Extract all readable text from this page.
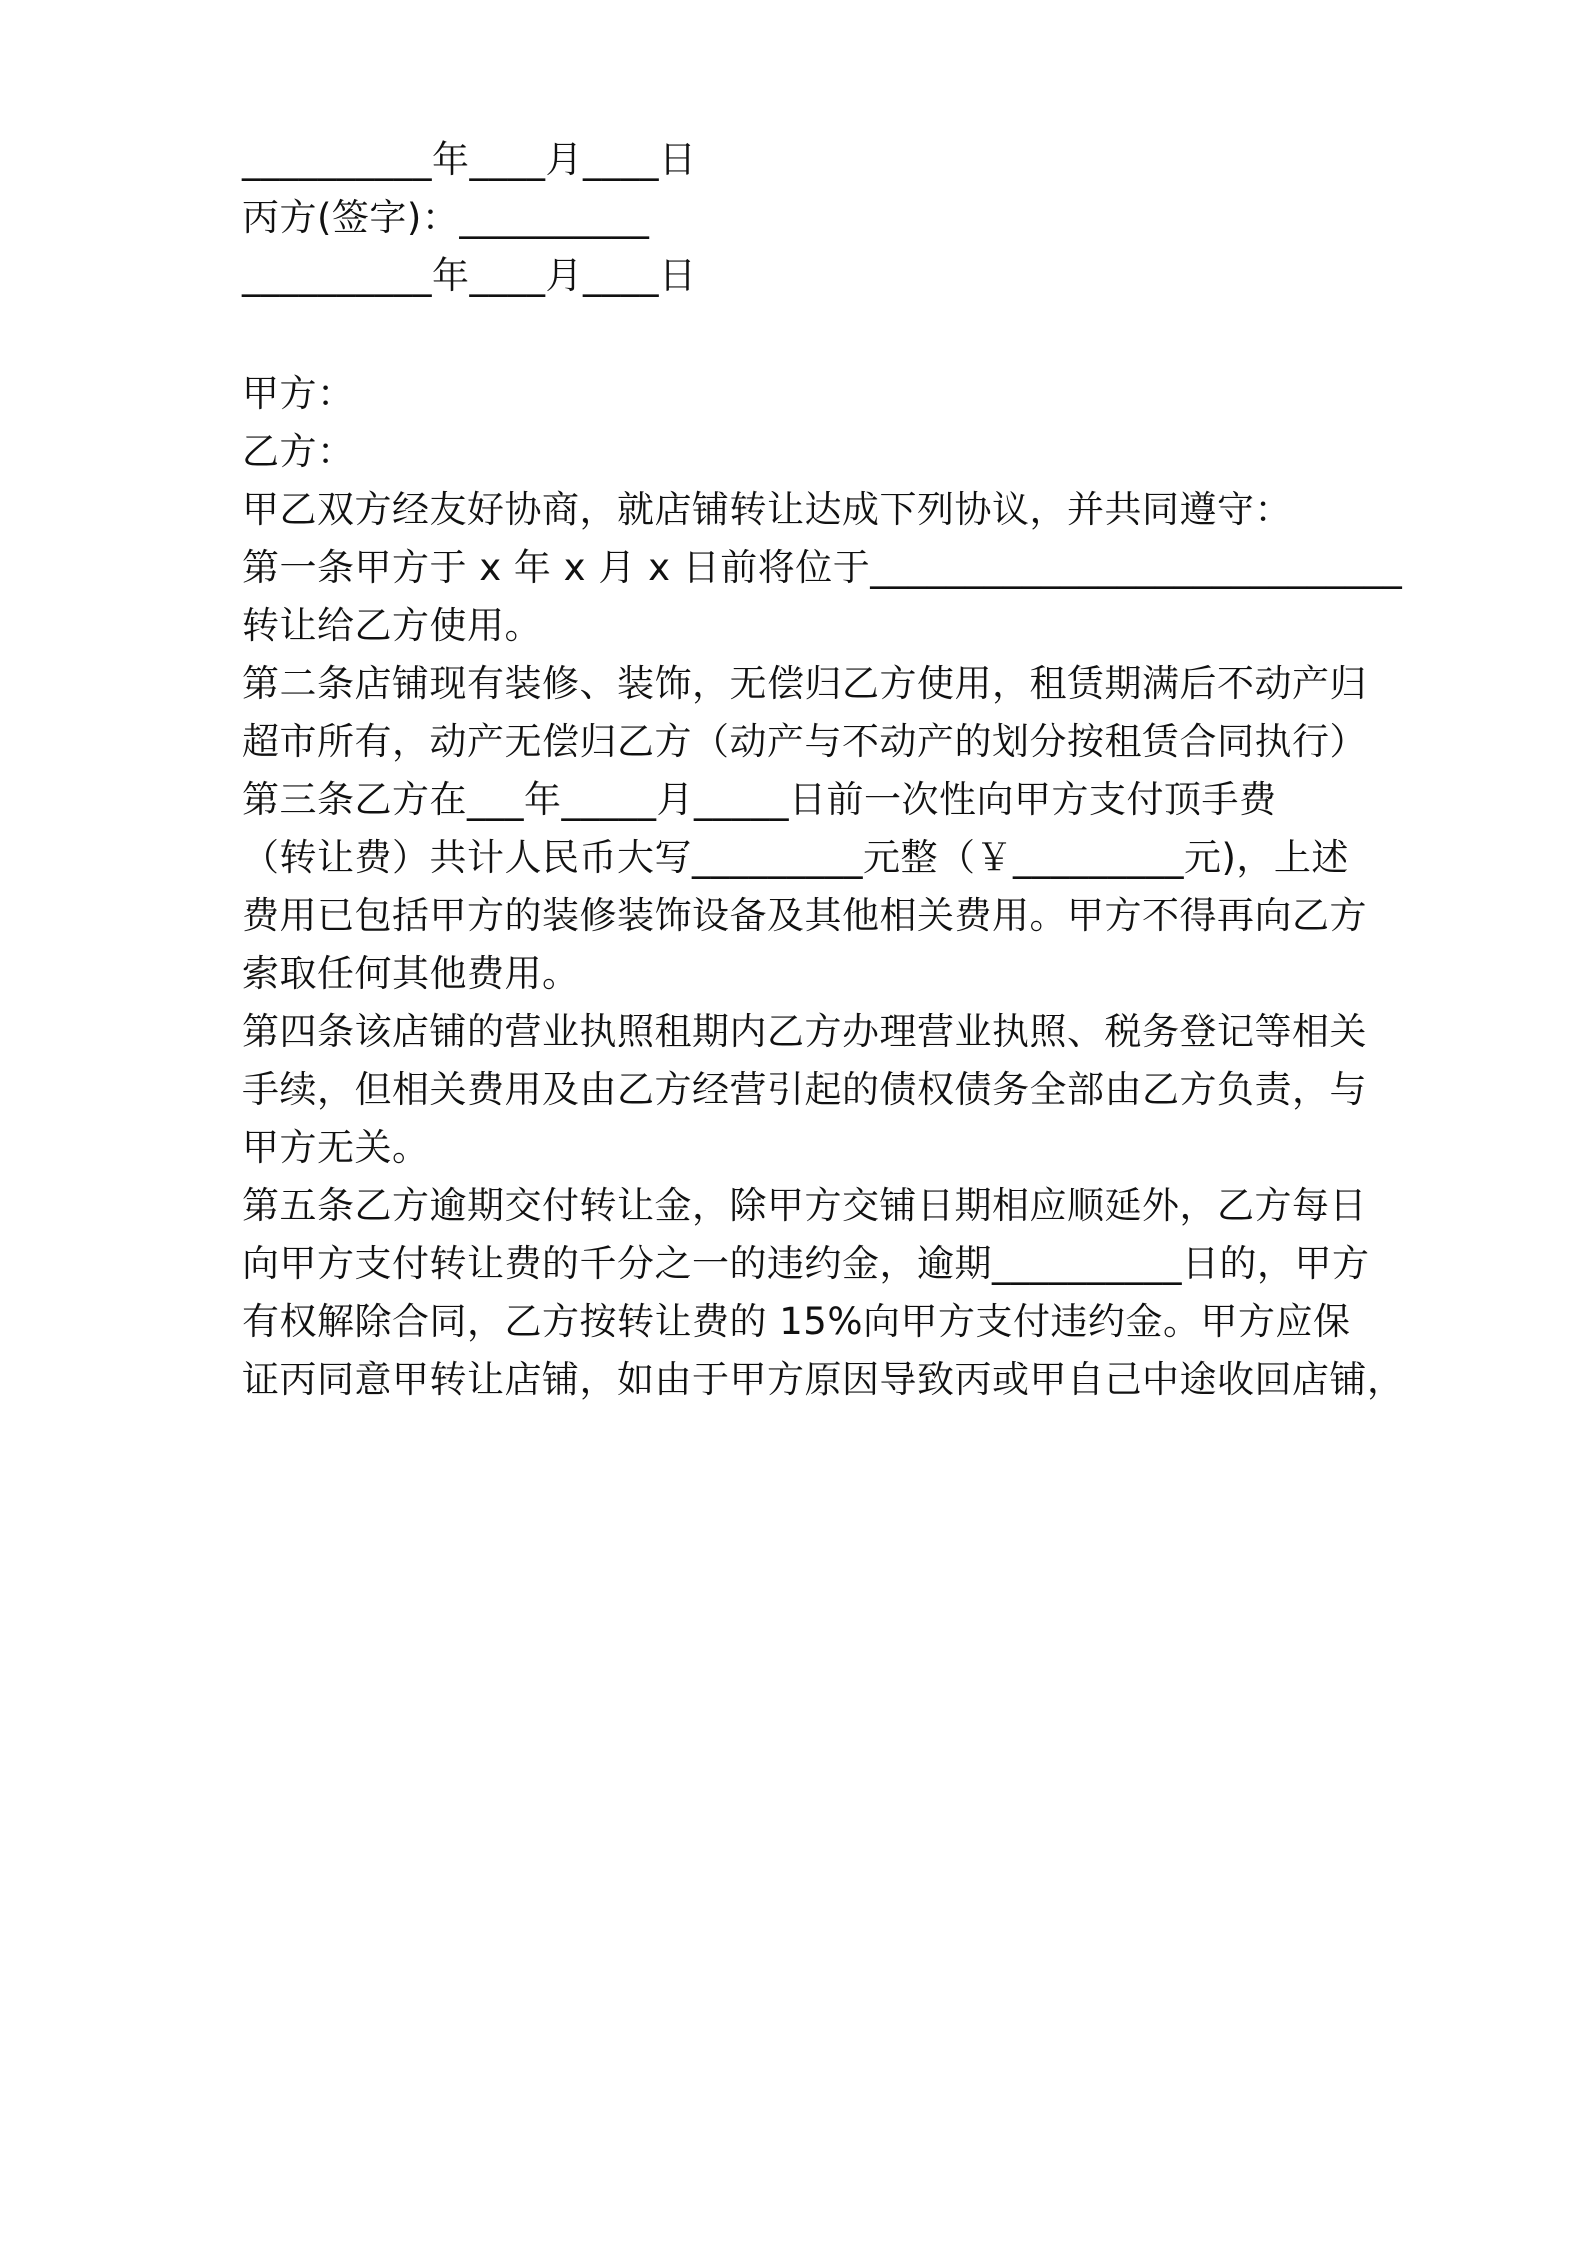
__________年____月____日
丙方(签字)：__________
__________年____月____日
甲方：
乙方：
甲乙双方经友好协商，就店铺转让达成下列协议，并共同遵守：
第一条甲方于 x 年 x 月 x 日前将位于____________________________
转让给乙方使用。
第二条店铺现有装修、装饰，无偿归乙方使用，租赁期满后不动产归
超市所有，动产无偿归乙方（动产与不动产的划分按租赁合同执行）
第三条乙方在___年_____月_____日前一次性向甲方支付顶手费
（转让费）共计人民币大写_________元整（￥_________元)，上述
费用已包括甲方的装修装饰设备及其他相关费用。甲方不得再向乙方
索取任何其他费用。
第四条该店铺的营业执照租期内乙方办理营业执照、税务登记等相关
手续，但相关费用及由乙方经营引起的债权债务全部由乙方负责，与
甲方无关。
第五条乙方逾期交付转让金，除甲方交铺日期相应顺延外，乙方每日
向甲方支付转让费的千分之一的违约金，逾期__________日的，甲方
有权解除合同，乙方按转让费的 15%向甲方支付违约金。甲方应保
证丙同意甲转让店铺，如由于甲方原因导致丙或甲自己中途收回店铺，
